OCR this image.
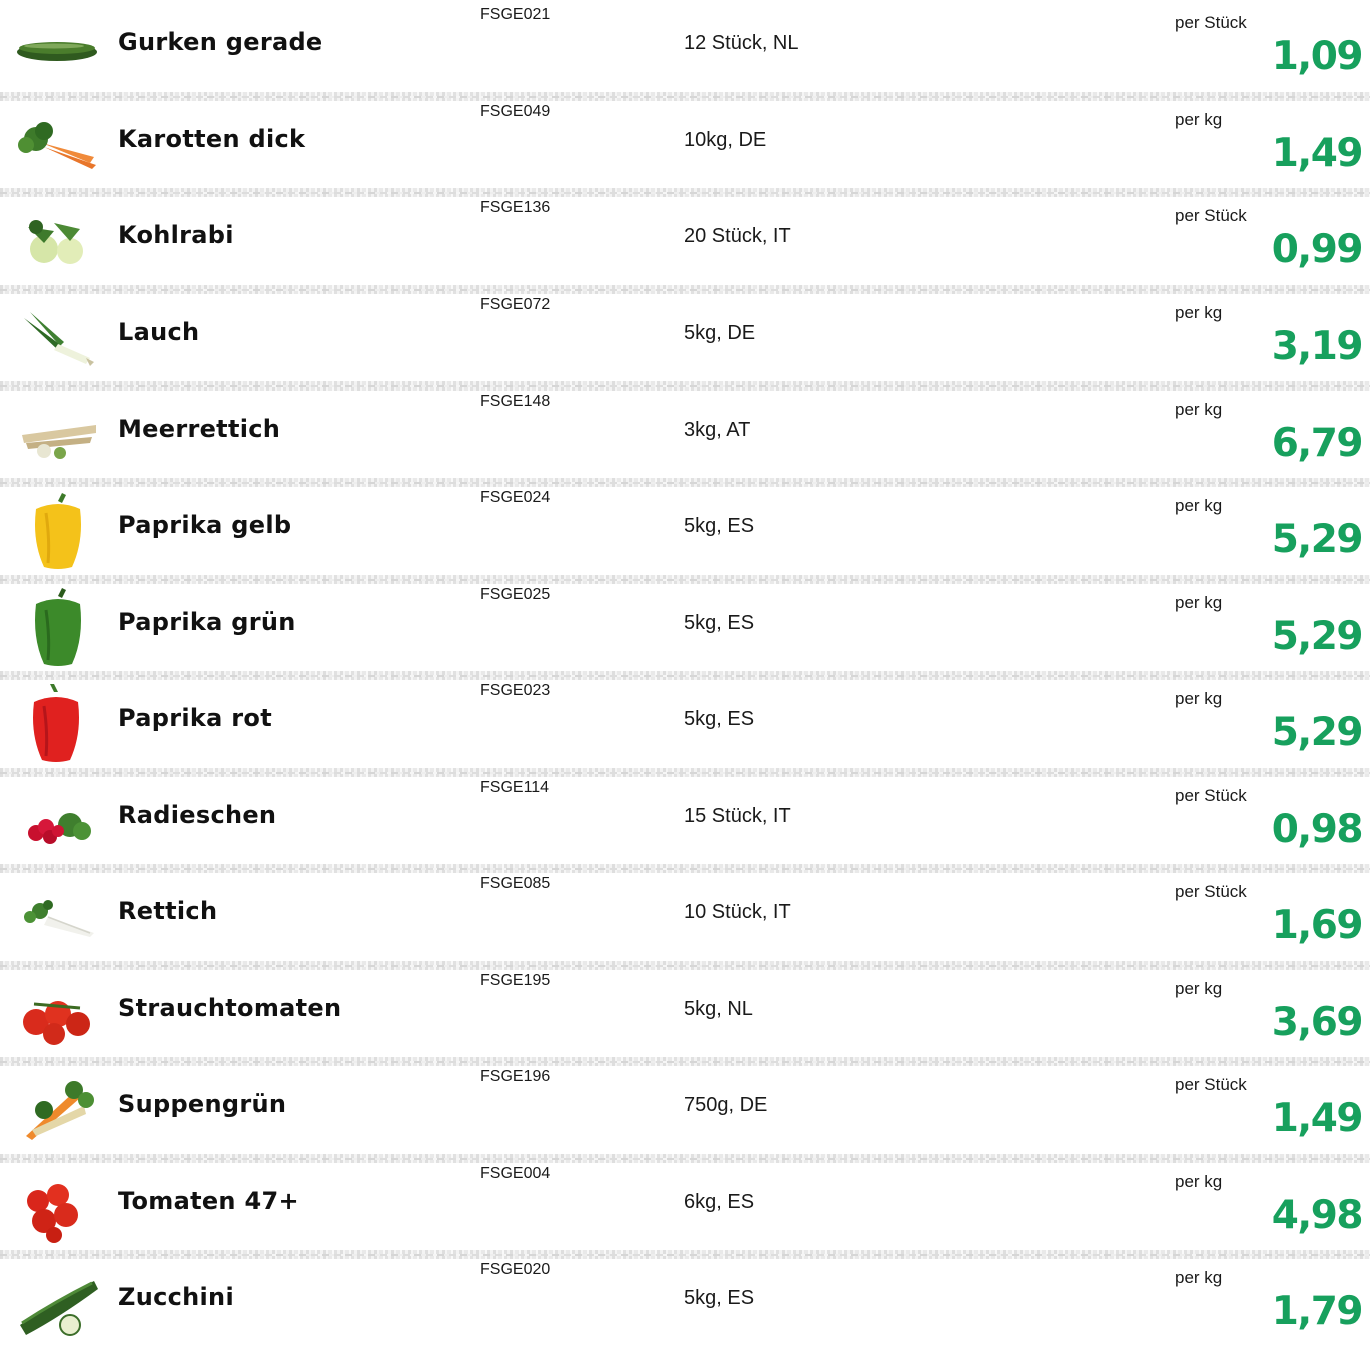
Gurken gerade
FSGE021
12 Stück, NL
per Stück
1,09
Karotten dick
FSGE049
10kg, DE
per kg
1,49
Kohlrabi
FSGE136
20 Stück, IT
per Stück
0,99
Lauch
FSGE072
5kg, DE
per kg
3,19
Meerrettich
FSGE148
3kg, AT
per kg
6,79
Paprika gelb
FSGE024
5kg, ES
per kg
5,29
Paprika grün
FSGE025
5kg, ES
per kg
5,29
Paprika rot
FSGE023
5kg, ES
per kg
5,29
Radieschen
FSGE114
15 Stück, IT
per Stück
0,98
Rettich
FSGE085
10 Stück, IT
per Stück
1,69
Strauchtomaten
FSGE195
5kg, NL
per kg
3,69
Suppengrün
FSGE196
750g, DE
per Stück
1,49
Tomaten 47+
FSGE004
6kg, ES
per kg
4,98
Zucchini
FSGE020
5kg, ES
per kg
1,79
